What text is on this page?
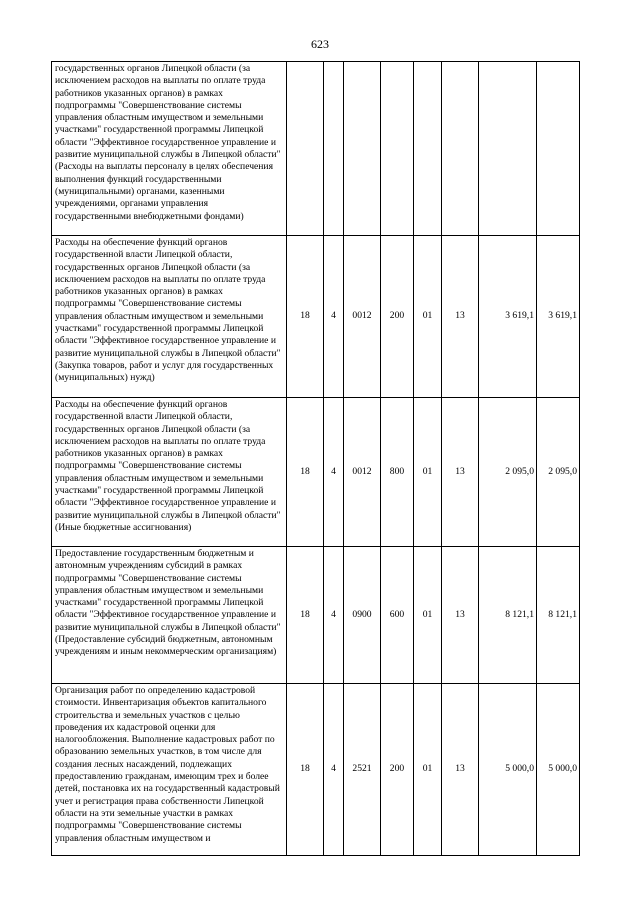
623
государственных органов Липецкой области (за исключением расходов на выплаты по оплате труда работников указанных органов) в рамках подпрограммы "Совершенствование системы управления областным имуществом и земельными участками" государственной программы Липецкой области "Эффективное государственное управление и развитие муниципальной службы в Липецкой области" (Расходы на выплаты персоналу в целях обеспечения выполнения функций государственными (муниципальными) органами, казенными учреждениями, органами управления государственными внебюджетными фондами)								
Расходы на обеспечение функций органов государственной власти Липецкой области, государственных органов Липецкой области (за исключением расходов на выплаты по оплате труда работников указанных органов) в рамках подпрограммы "Совершенствование системы управления областным имуществом и земельными участками" государственной программы Липецкой области "Эффективное государственное управление и развитие муниципальной службы в Липецкой области" (Закупка товаров, работ и услуг для государственных (муниципальных) нужд)	18	4	0012	200	01	13	3 619,1	3 619,1
Расходы на обеспечение функций органов государственной власти Липецкой области, государственных органов Липецкой области (за исключением расходов на выплаты по оплате труда работников указанных органов) в рамках подпрограммы "Совершенствование системы управления областным имуществом и земельными участками" государственной программы Липецкой области "Эффективное государственное управление и развитие муниципальной службы в Липецкой области" (Иные бюджетные ассигнования)	18	4	0012	800	01	13	2 095,0	2 095,0
Предоставление государственным бюджетным и автономным учреждениям субсидий в рамках подпрограммы "Совершенствование системы управления областным имуществом и земельными участками" государственной программы Липецкой области "Эффективное государственное управление и развитие муниципальной службы в Липецкой области" (Предоставление субсидий бюджетным, автономным учреждениям и иным некоммерческим организациям)	18	4	0900	600	01	13	8 121,1	8 121,1
Организация работ по определению кадастровой стоимости. Инвентаризация объектов капитального строительства и земельных участков с целью проведения их кадастровой оценки для налогообложения. Выполнение кадастровых работ по образованию земельных участков, в том числе для создания лесных насаждений, подлежащих предоставлению гражданам, имеющим трех и более детей, постановка их на государственный кадастровый учет и регистрация права собственности Липецкой области на эти земельные участки в рамках подпрограммы "Совершенствование системы управления областным имуществом и	18	4	2521	200	01	13	5 000,0	5 000,0
